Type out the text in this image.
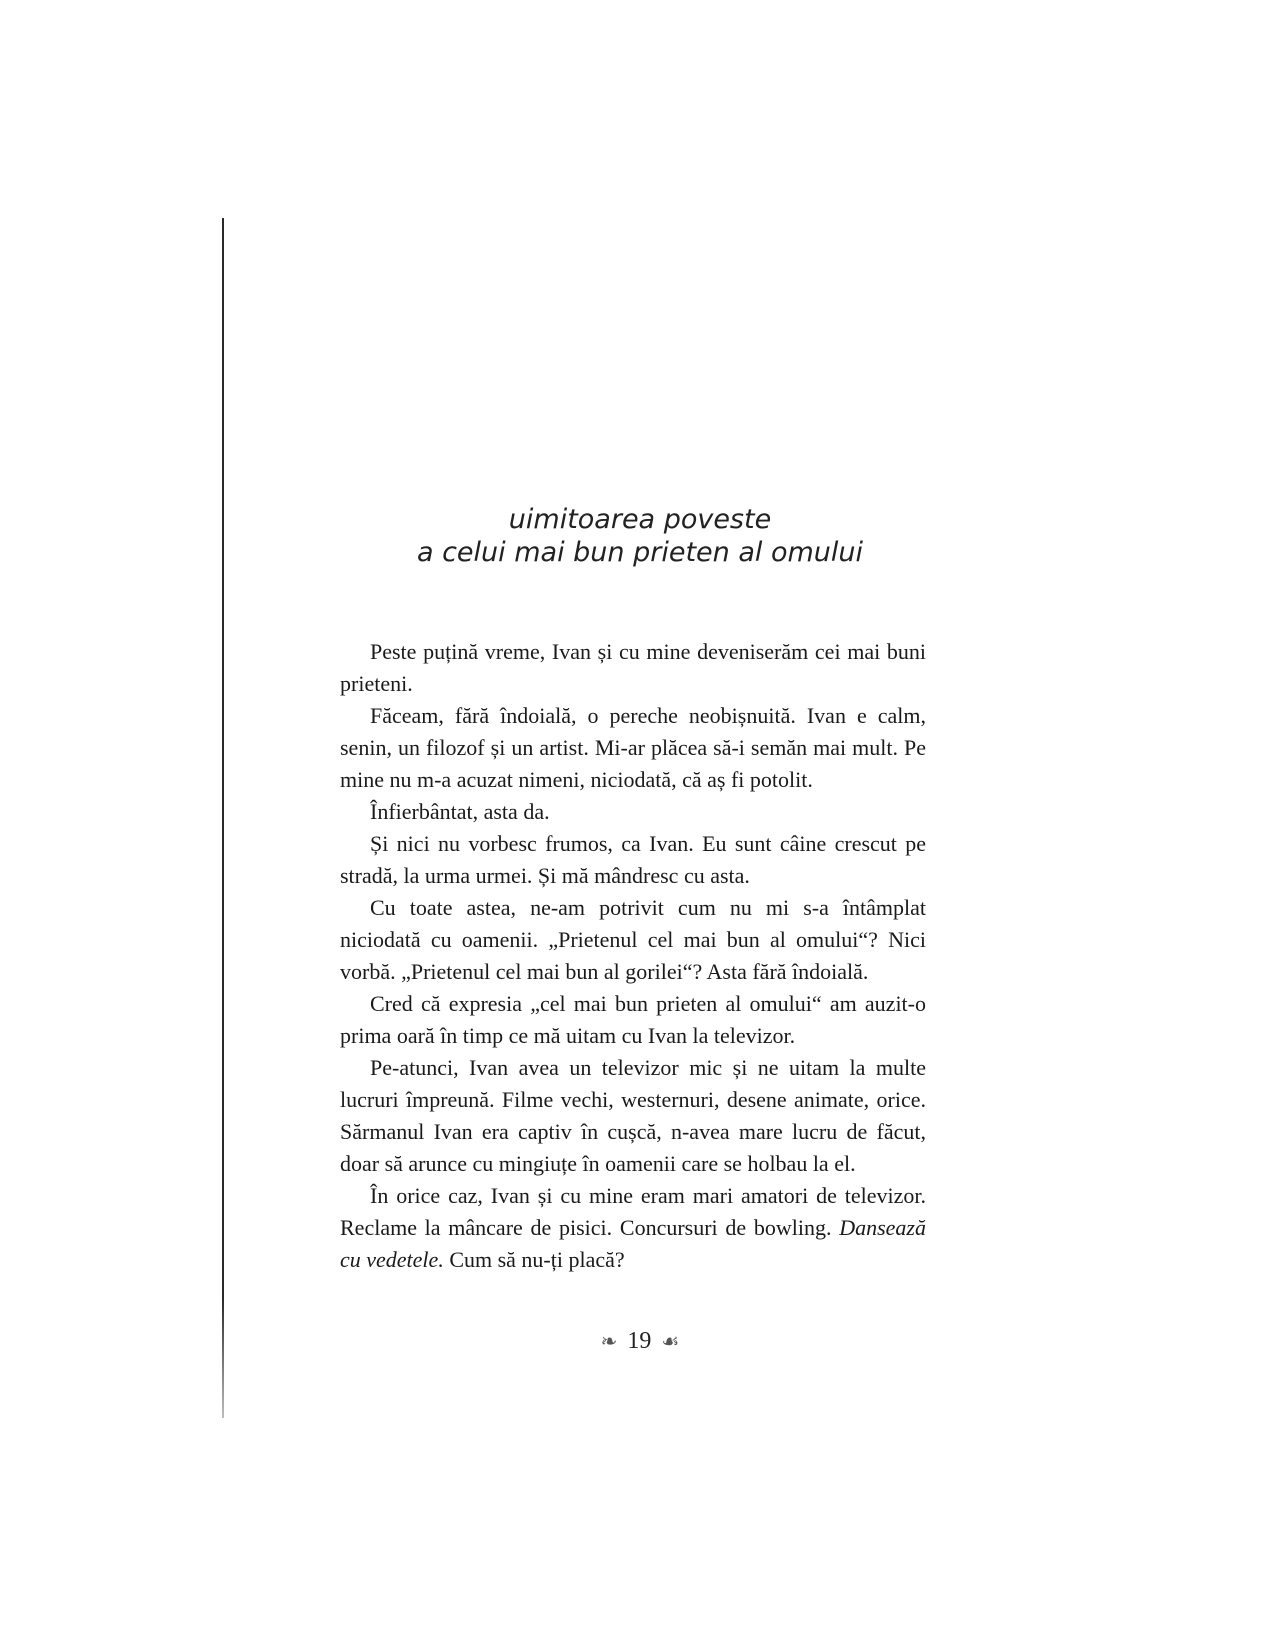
uimitoarea poveste
a celui mai bun prieten al omului

Peste puțină vreme, Ivan și cu mine deveniserăm cei mai buni prieteni.

Făceam, fără îndoială, o pereche neobișnuită. Ivan e calm, senin, un filozof și un artist. Mi-ar plăcea să-i semăn mai mult. Pe mine nu m-a acuzat nimeni, niciodată, că aș fi potolit.

Înfierbântat, asta da.

Și nici nu vorbesc frumos, ca Ivan. Eu sunt câine crescut pe stradă, la urma urmei. Și mă mândresc cu asta.

Cu toate astea, ne-am potrivit cum nu mi s-a întâmplat niciodată cu oamenii. „Prietenul cel mai bun al omului“? Nici vorbă. „Prietenul cel mai bun al gorilei“? Asta fără îndoială.

Cred că expresia „cel mai bun prieten al omului“ am auzit-o prima oară în timp ce mă uitam cu Ivan la televizor.

Pe-atunci, Ivan avea un televizor mic și ne uitam la multe lucruri împreună. Filme vechi, westernuri, desene animate, orice. Sărmanul Ivan era captiv în cușcă, n-avea mare lucru de făcut, doar să arunce cu mingiuțe în oamenii care se holbau la el.

În orice caz, Ivan și cu mine eram mari amatori de televizor. Reclame la mâncare de pisici. Concursuri de bowling. Dansează cu vedetele. Cum să nu-ți placă?

❧ 19 ☙
